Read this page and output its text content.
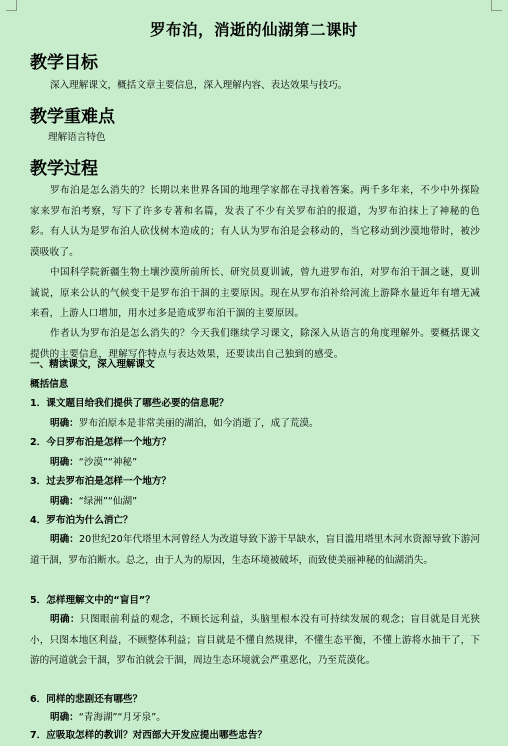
罗布泊，消逝的仙湖第二课时
教学目标
深入理解课文，概括文章主要信息，深入理解内容、表达效果与技巧。
教学重难点
理解语言特色
教学过程
罗布泊是怎么消失的？长期以来世界各国的地理学家都在寻找着答案。两千多年来，不少中外探险家来罗布泊考察，写下了许多专著和名篇，发表了不少有关罗布泊的报道，为罗布泊抹上了神秘的色彩。有人认为是罗布泊人砍伐树木造成的；有人认为罗布泊是会移动的，当它移动到沙漠地带时，被沙漠吸收了。
中国科学院新疆生物土壤沙漠所前所长、研究员夏训诚，曾九进罗布泊，对罗布泊干涸之谜，夏训诚说，原来公认的气候变干是罗布泊干涸的主要原因。现在从罗布泊补给河流上游降水量近年有增无减来看，上游人口增加，用水过多是造成罗布泊干涸的主要原因。
作者认为罗布泊是怎么消失的？今天我们继续学习课文，除深入从语言的角度理解外。要概括课文提供的主要信息，理解写作特点与表达效果，还要读出自己独到的感受。
一、精读课文，深入理解课文
概括信息
1．课文题目给我们提供了哪些必要的信息呢？
明确：罗布泊原本是非常美丽的湖泊，如今消逝了，成了荒漠。
2．今日罗布泊是怎样一个地方？
明确：“沙漠”“神秘”
3．过去罗布泊是怎样一个地方？
明确：“绿洲”“仙湖”
4．罗布泊为什么消亡？
明确：20世纪20年代塔里木河曾经人为改道导致下游干旱缺水，盲目滥用塔里木河水资源导致下游河道干涸，罗布泊断水。总之，由于人为的原因，生态环境被破坏，而致使美丽神秘的仙湖消失。
5．怎样理解文中的“盲目”？
明确：只图眼前利益的观念，不顾长远利益，头脑里根本没有可持续发展的观念；盲目就是目光狭小，只图本地区利益，不顾整体利益；盲目就是不懂自然规律，不懂生态平衡，不懂上游将水抽干了，下游的河道就会干涸，罗布泊就会干涸，周边生态环境就会严重恶化，乃至荒漠化。
6．同样的悲剧还有哪些？
明确：“青海湖”“月牙泉”。
7．应吸取怎样的教训？对西部大开发应提出哪些忠告？
